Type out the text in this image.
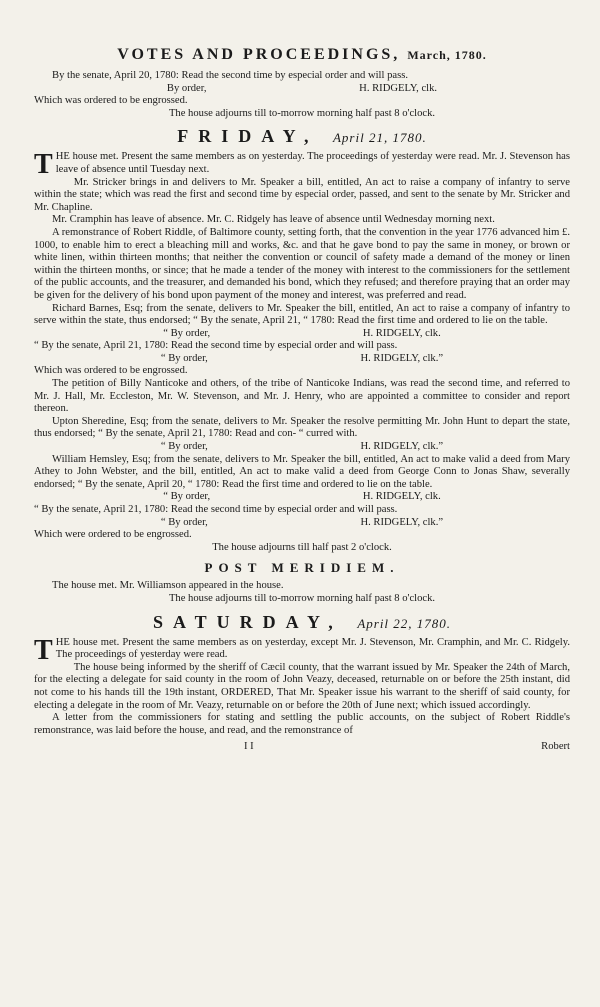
VOTES AND PROCEEDINGS, March, 1780.

By the senate, April 20, 1780: Read the second time by especial order and will pass.

By order,	H. RIDGELY, clk.

Which was ordered to be engrossed.

The house adjourns till to-morrow morning half past 8 o'clock.

FRIDAY, April 21, 1780.

T HE house met. Present the same members as on yesterday. The proceedings of yesterday were read. Mr. J. Stevenson has leave of absence until Tuesday next.

Mr. Stricker brings in and delivers to Mr. Speaker a bill, entitled, An act to raise a company of infantry to serve within the state; which was read the first and second time by especial order, passed, and sent to the senate by Mr. Stricker and Mr. Chapline.

Mr. Cramphin has leave of absence. Mr. C. Ridgely has leave of absence until Wednesday morning next.

A remonstrance of Robert Riddle, of Baltimore county, setting forth, that the convention in the year 1776 advanced him £. 1000, to enable him to erect a bleaching mill and works, &c. and that he gave bond to pay the same in money, or brown or white linen, within thirteen months; that neither the convention or council of safety made a demand of the money or linen within the thirteen months, or since; that he made a tender of the money with interest to the commissioners for the settlement of the public accounts, and the treasurer, and demanded his bond, which they refused; and therefore praying that an order may be given for the delivery of his bond upon payment of the money and interest, was preferred and read.

Richard Barnes, Esq; from the senate, delivers to Mr. Speaker the bill, entitled, An act to raise a company of infantry to serve within the state, thus endorsed; “ By the senate, April 21, “ 1780: Read the first time and ordered to lie on the table.

“ By order,	H. RIDGELY, clk.

“ By the senate, April 21, 1780: Read the second time by especial order and will pass.

“ By order,	H. RIDGELY, clk.”

Which was ordered to be engrossed.

The petition of Billy Nanticoke and others, of the tribe of Nanticoke Indians, was read the second time, and referred to Mr. J. Hall, Mr. Eccleston, Mr. W. Stevenson, and Mr. J. Henry, who are appointed a committee to consider and report thereon.

Upton Sheredine, Esq; from the senate, delivers to Mr. Speaker the resolve permitting Mr. John Hunt to depart the state, thus endorsed; “ By the senate, April 21, 1780: Read and con- “ curred with.

“ By order,	H. RIDGELY, clk.”

William Hemsley, Esq; from the senate, delivers to Mr. Speaker the bill, entitled, An act to make valid a deed from Mary Athey to John Webster, and the bill, entitled, An act to make valid a deed from George Conn to Jonas Shaw, severally endorsed; “ By the senate, April 20, “ 1780: Read the first time and ordered to lie on the table.

“ By order,	H. RIDGELY, clk.

“ By the senate, April 21, 1780: Read the second time by especial order and will pass.

“ By order,	H. RIDGELY, clk.”

Which were ordered to be engrossed.

The house adjourns till half past 2 o'clock.

POST MERIDIEM.

The house met. Mr. Williamson appeared in the house.

The house adjourns till to-morrow morning half past 8 o'clock.

SATURDAY, April 22, 1780.

T HE house met. Present the same members as on yesterday, except Mr. J. Stevenson, Mr. Cramphin, and Mr. C. Ridgely. The proceedings of yesterday were read.

The house being informed by the sheriff of Cæcil county, that the warrant issued by Mr. Speaker the 24th of March, for the electing a delegate for said county in the room of John Veazy, deceased, returnable on or before the 25th instant, did not come to his hands till the 19th instant, ORDERED, That Mr. Speaker issue his warrant to the sheriff of said county, for electing a delegate in the room of Mr. Veazy, returnable on or before the 20th of June next; which issued accordingly.

A letter from the commissioners for stating and settling the public accounts, on the subject of Robert Riddle's remonstrance, was laid before the house, and read, and the remonstrance of

I I	Robert
